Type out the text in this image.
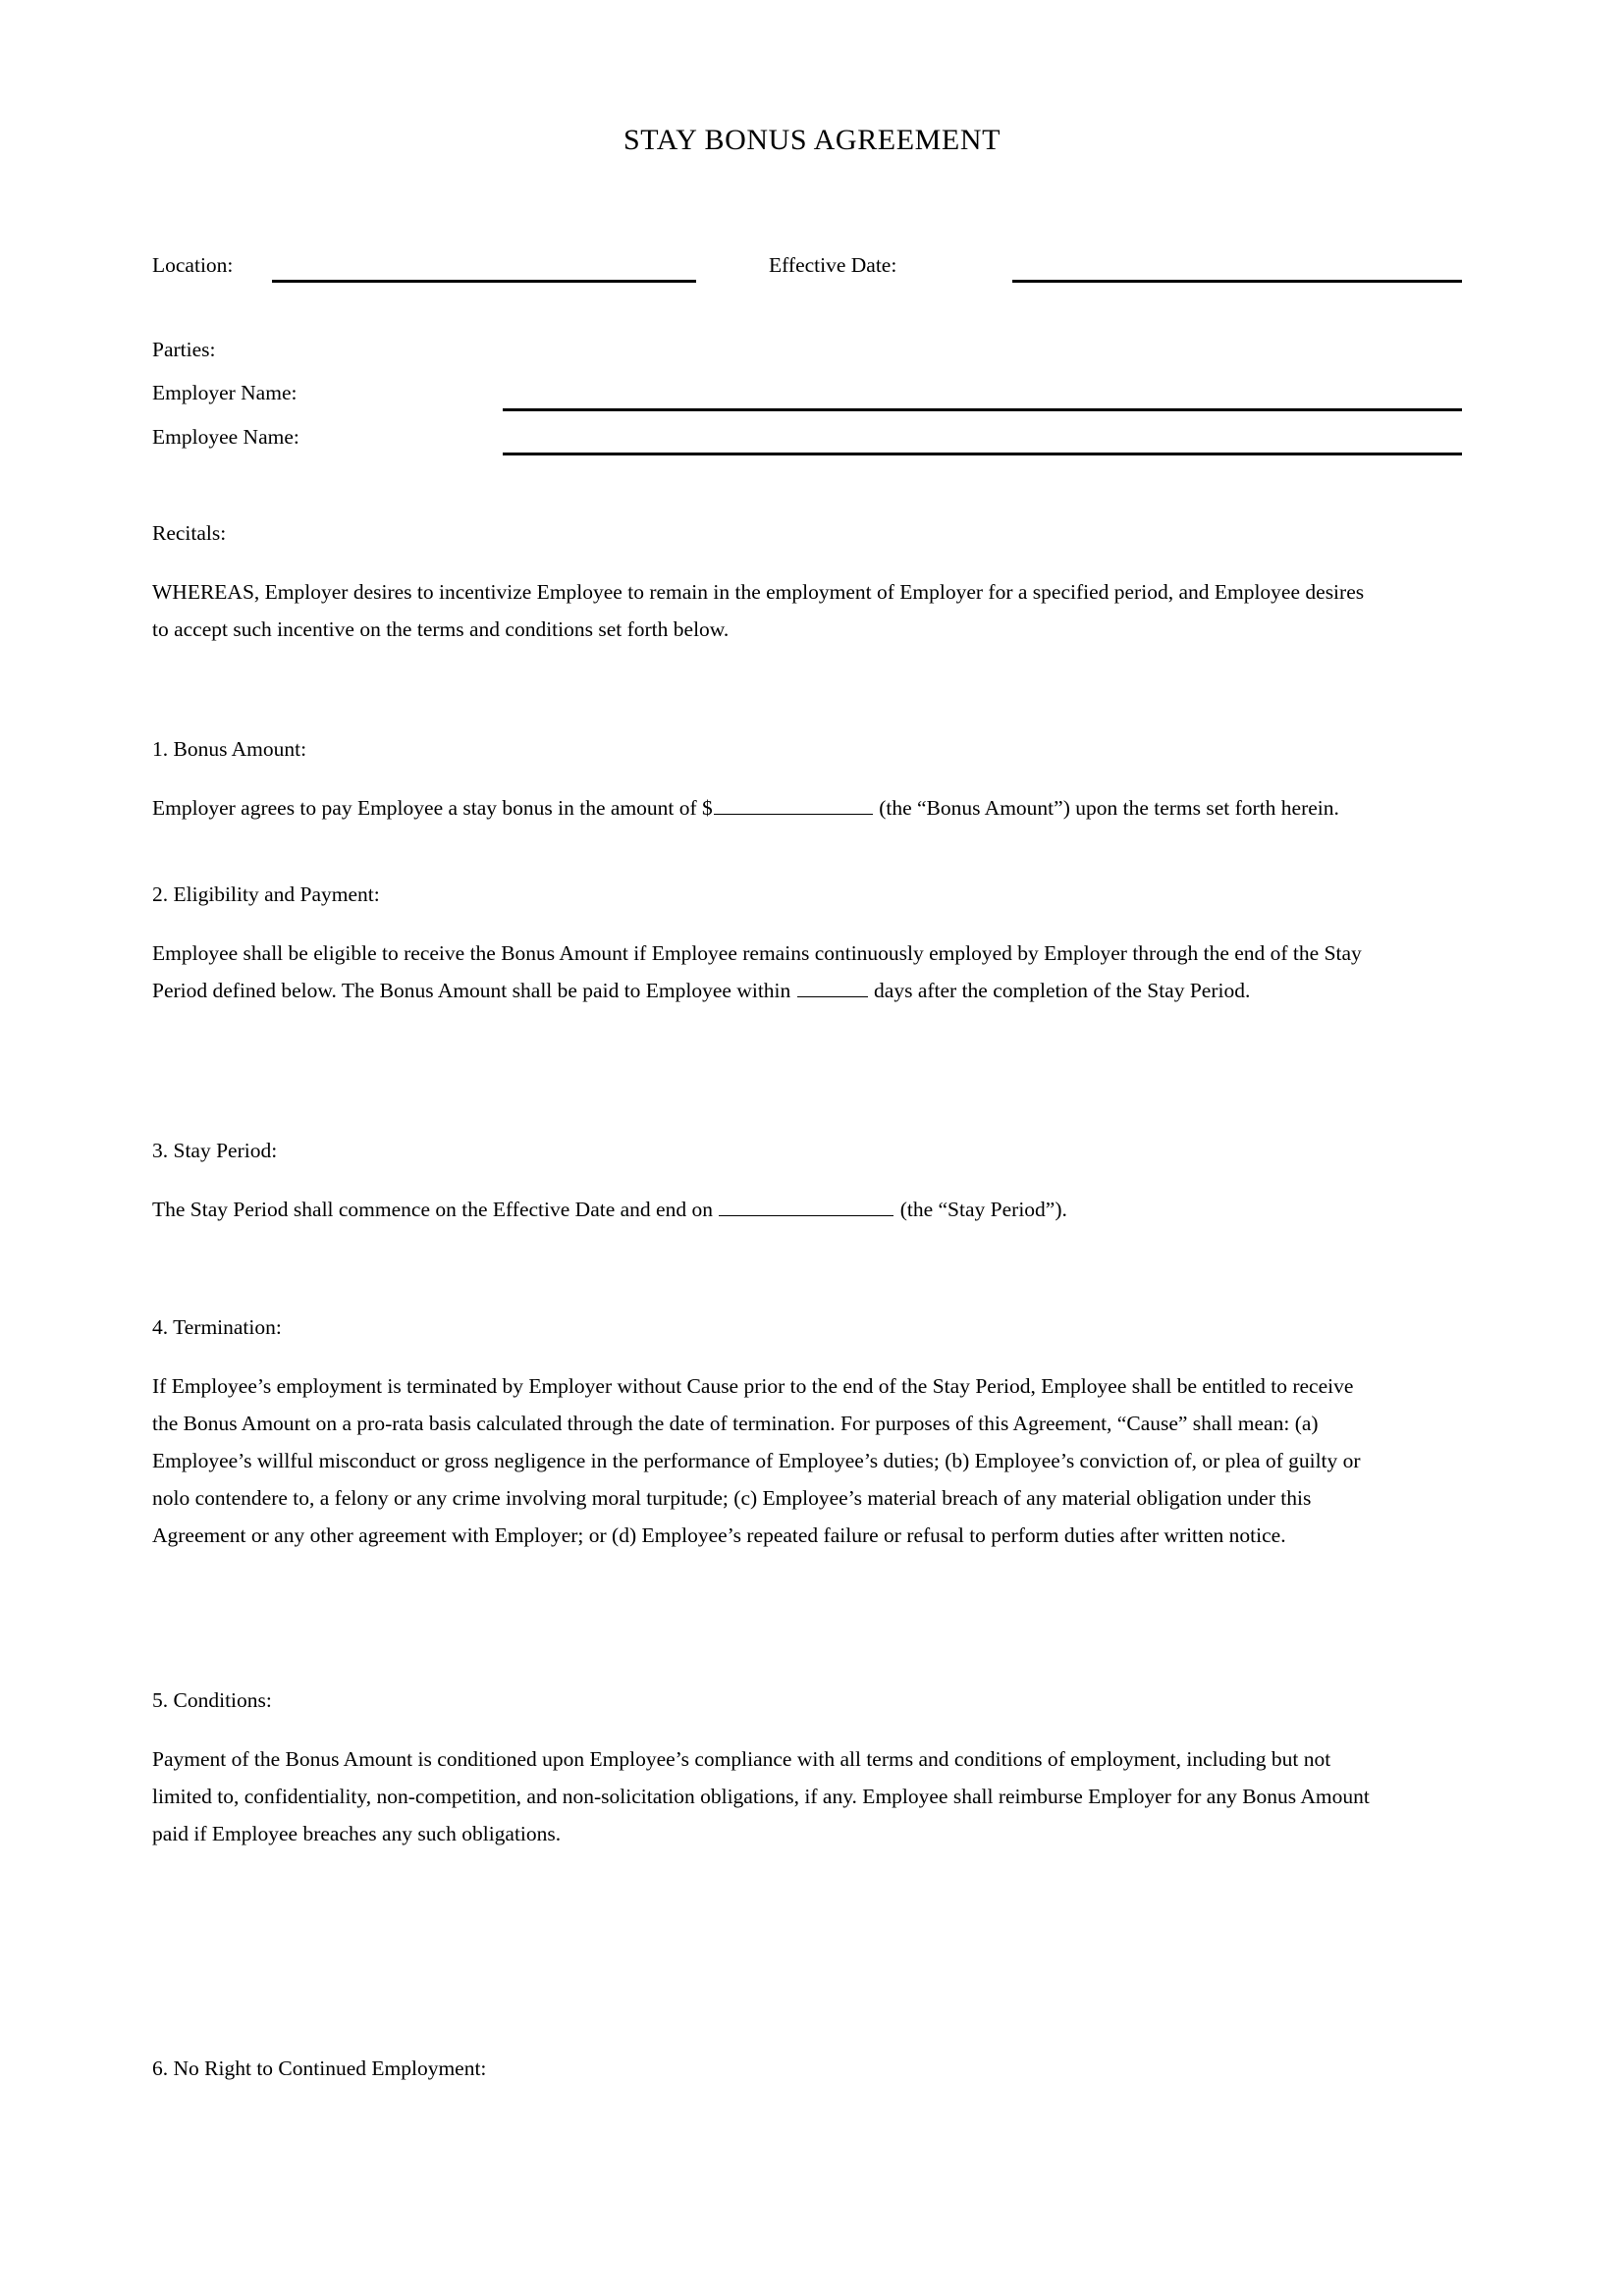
STAY BONUS AGREEMENT
Location:	Effective Date:
Parties:
Employer Name:
Employee Name:
Recitals:
WHEREAS, Employer desires to incentivize Employee to remain in the employment of Employer for a specified period, and Employee desires to accept such incentive on the terms and conditions set forth below.
1. Bonus Amount:
Employer agrees to pay Employee a stay bonus in the amount of $	(the “Bonus Amount”) upon the terms set forth herein.
2. Eligibility and Payment:
Employee shall be eligible to receive the Bonus Amount if Employee remains continuously employed by Employer through the end of the Stay Period defined below. The Bonus Amount shall be paid to Employee within	days after the completion of the Stay Period.
3. Stay Period:
The Stay Period shall commence on the Effective Date and end on	(the “Stay Period”).
4. Termination:
If Employee’s employment is terminated by Employer without Cause prior to the end of the Stay Period, Employee shall be entitled to receive the Bonus Amount on a pro-rata basis calculated through the date of termination. For purposes of this Agreement, “Cause” shall mean: (a) Employee’s willful misconduct or gross negligence in the performance of Employee’s duties; (b) Employee’s conviction of, or plea of guilty or nolo contendere to, a felony or any crime involving moral turpitude; (c) Employee’s material breach of any material obligation under this Agreement or any other agreement with Employer; or (d) Employee’s repeated failure or refusal to perform duties after written notice.
5. Conditions:
Payment of the Bonus Amount is conditioned upon Employee’s compliance with all terms and conditions of employment, including but not limited to, confidentiality, non-competition, and non-solicitation obligations, if any. Employee shall reimburse Employer for any Bonus Amount paid if Employee breaches any such obligations.
6. No Right to Continued Employment:
